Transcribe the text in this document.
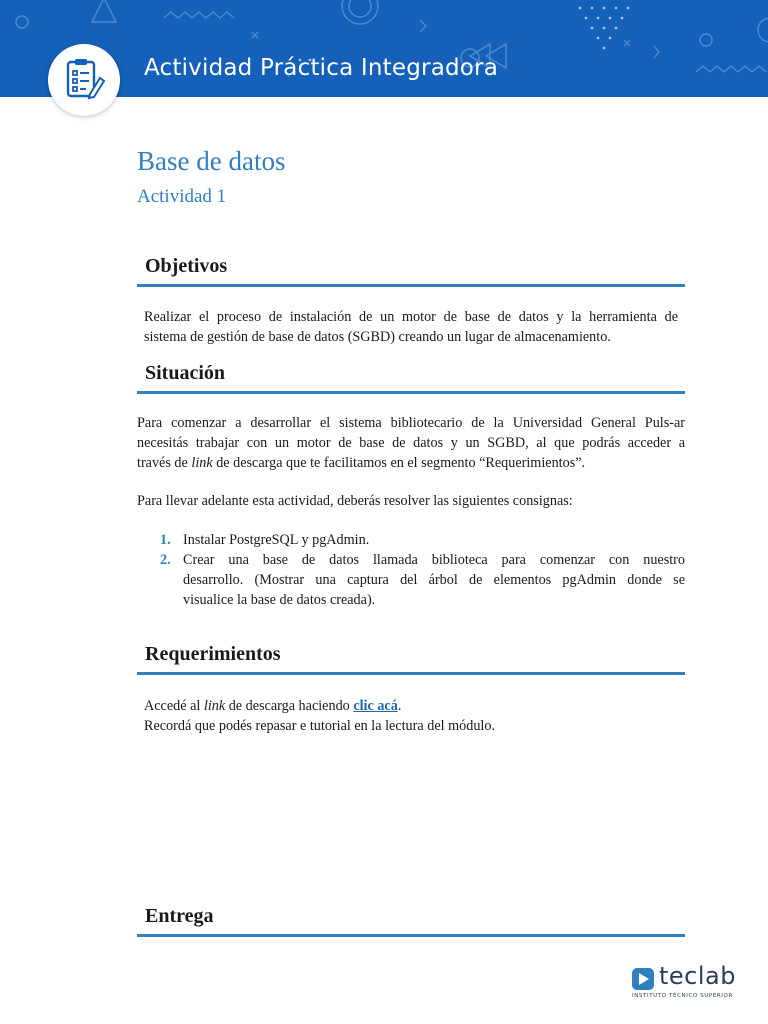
Actividad Práctica Integradora
Base de datos
Actividad 1
Objetivos
Realizar el proceso de instalación de un motor de base de datos y la herramienta de
sistema de gestión de base de datos (SGBD) creando un lugar de almacenamiento.
Situación
Para comenzar a desarrollar el sistema bibliotecario de la Universidad General Puls-ar
necesitás trabajar con un motor de base de datos y un SGBD, al que podrás acceder a
través de link de descarga que te facilitamos en el segmento “Requerimientos”.
Para llevar adelante esta actividad, deberás resolver las siguientes consignas:
1. Instalar PostgreSQL y pgAdmin.
2. Crear una base de datos llamada biblioteca para comenzar con nuestro
desarrollo. (Mostrar una captura del árbol de elementos pgAdmin donde se
visualice la base de datos creada).
Requerimientos
Accedé al link de descarga haciendo clic acá.
Recordá que podés repasar e tutorial en la lectura del módulo.
Entrega
teclab
INSTITUTO TÉCNICO SUPERIOR
